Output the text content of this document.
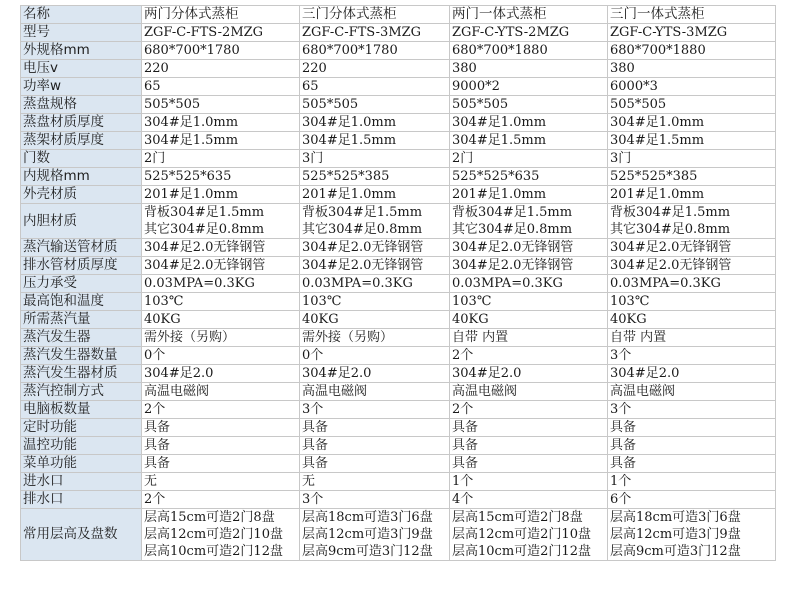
名称	两门分体式蒸柜	三门分体式蒸柜	两门一体式蒸柜	三门一体式蒸柜
型号	ZGF-C-FTS-2MZG	ZGF-C-FTS-3MZG	ZGF-C-YTS-2MZG	ZGF-C-YTS-3MZG

外规格mm	680*700*1780	680*700*1780	680*700*1880	680*700*1880

电压v	220	220	380	380

功率w	65	65	9000*2	6000*3

蒸盘规格	505*505	505*505	505*505	505*505

蒸盘材质厚度	304#足1.0mm	304#足1.0mm	304#足1.0mm	304#足1.0mm

蒸架材质厚度	304#足1.5mm	304#足1.5mm	304#足1.5mm	304#足1.5mm

门数	2门	3门	2门	3门

内规格mm	525*525*635	525*525*385	525*525*635	525*525*385

外壳材质	201#足1.0mm	201#足1.0mm	201#足1.0mm	201#足1.0mm

内胆材质	背板304#足1.5mm
其它304#足0.8mm	背板304#足1.5mm
其它304#足0.8mm	背板304#足1.5mm
其它304#足0.8mm	背板304#足1.5mm
其它304#足0.8mm

蒸汽输送管材质	304#足2.0无锋钢管	304#足2.0无锋钢管	304#足2.0无锋钢管	304#足2.0无锋钢管

排水管材质厚度	304#足2.0无锋钢管	304#足2.0无锋钢管	304#足2.0无锋钢管	304#足2.0无锋钢管

压力承受	0.03MPA=0.3KG	0.03MPA=0.3KG	0.03MPA=0.3KG	0.03MPA=0.3KG

最高饱和温度	103℃	103℃	103℃	103℃

所需蒸汽量	40KG	40KG	40KG	40KG

蒸汽发生器	需外接（另购）	需外接（另购）	自带 内置	自带 内置

蒸汽发生器数量	0个	0个	2个	3个

蒸汽发生器材质	304#足2.0	304#足2.0	304#足2.0	304#足2.0

蒸汽控制方式	高温电磁阀	高温电磁阀	高温电磁阀	高温电磁阀

电脑板数量	2个	3个	2个	3个

定时功能	具备	具备	具备	具备

温控功能	具备	具备	具备	具备

菜单功能	具备	具备	具备	具备

进水口	无	无	1个	1个

排水口	2个	3个	4个	6个

常用层高及盘数	层高15cm可造2门8盘
层高12cm可造2门10盘
层高10cm可造2门12盘	层高18cm可造3门6盘
层高12cm可造3门9盘
层高9cm可造3门12盘	层高15cm可造2门8盘
层高12cm可造2门10盘
层高10cm可造2门12盘	层高18cm可造3门6盘
层高12cm可造3门9盘
层高9cm可造3门12盘
